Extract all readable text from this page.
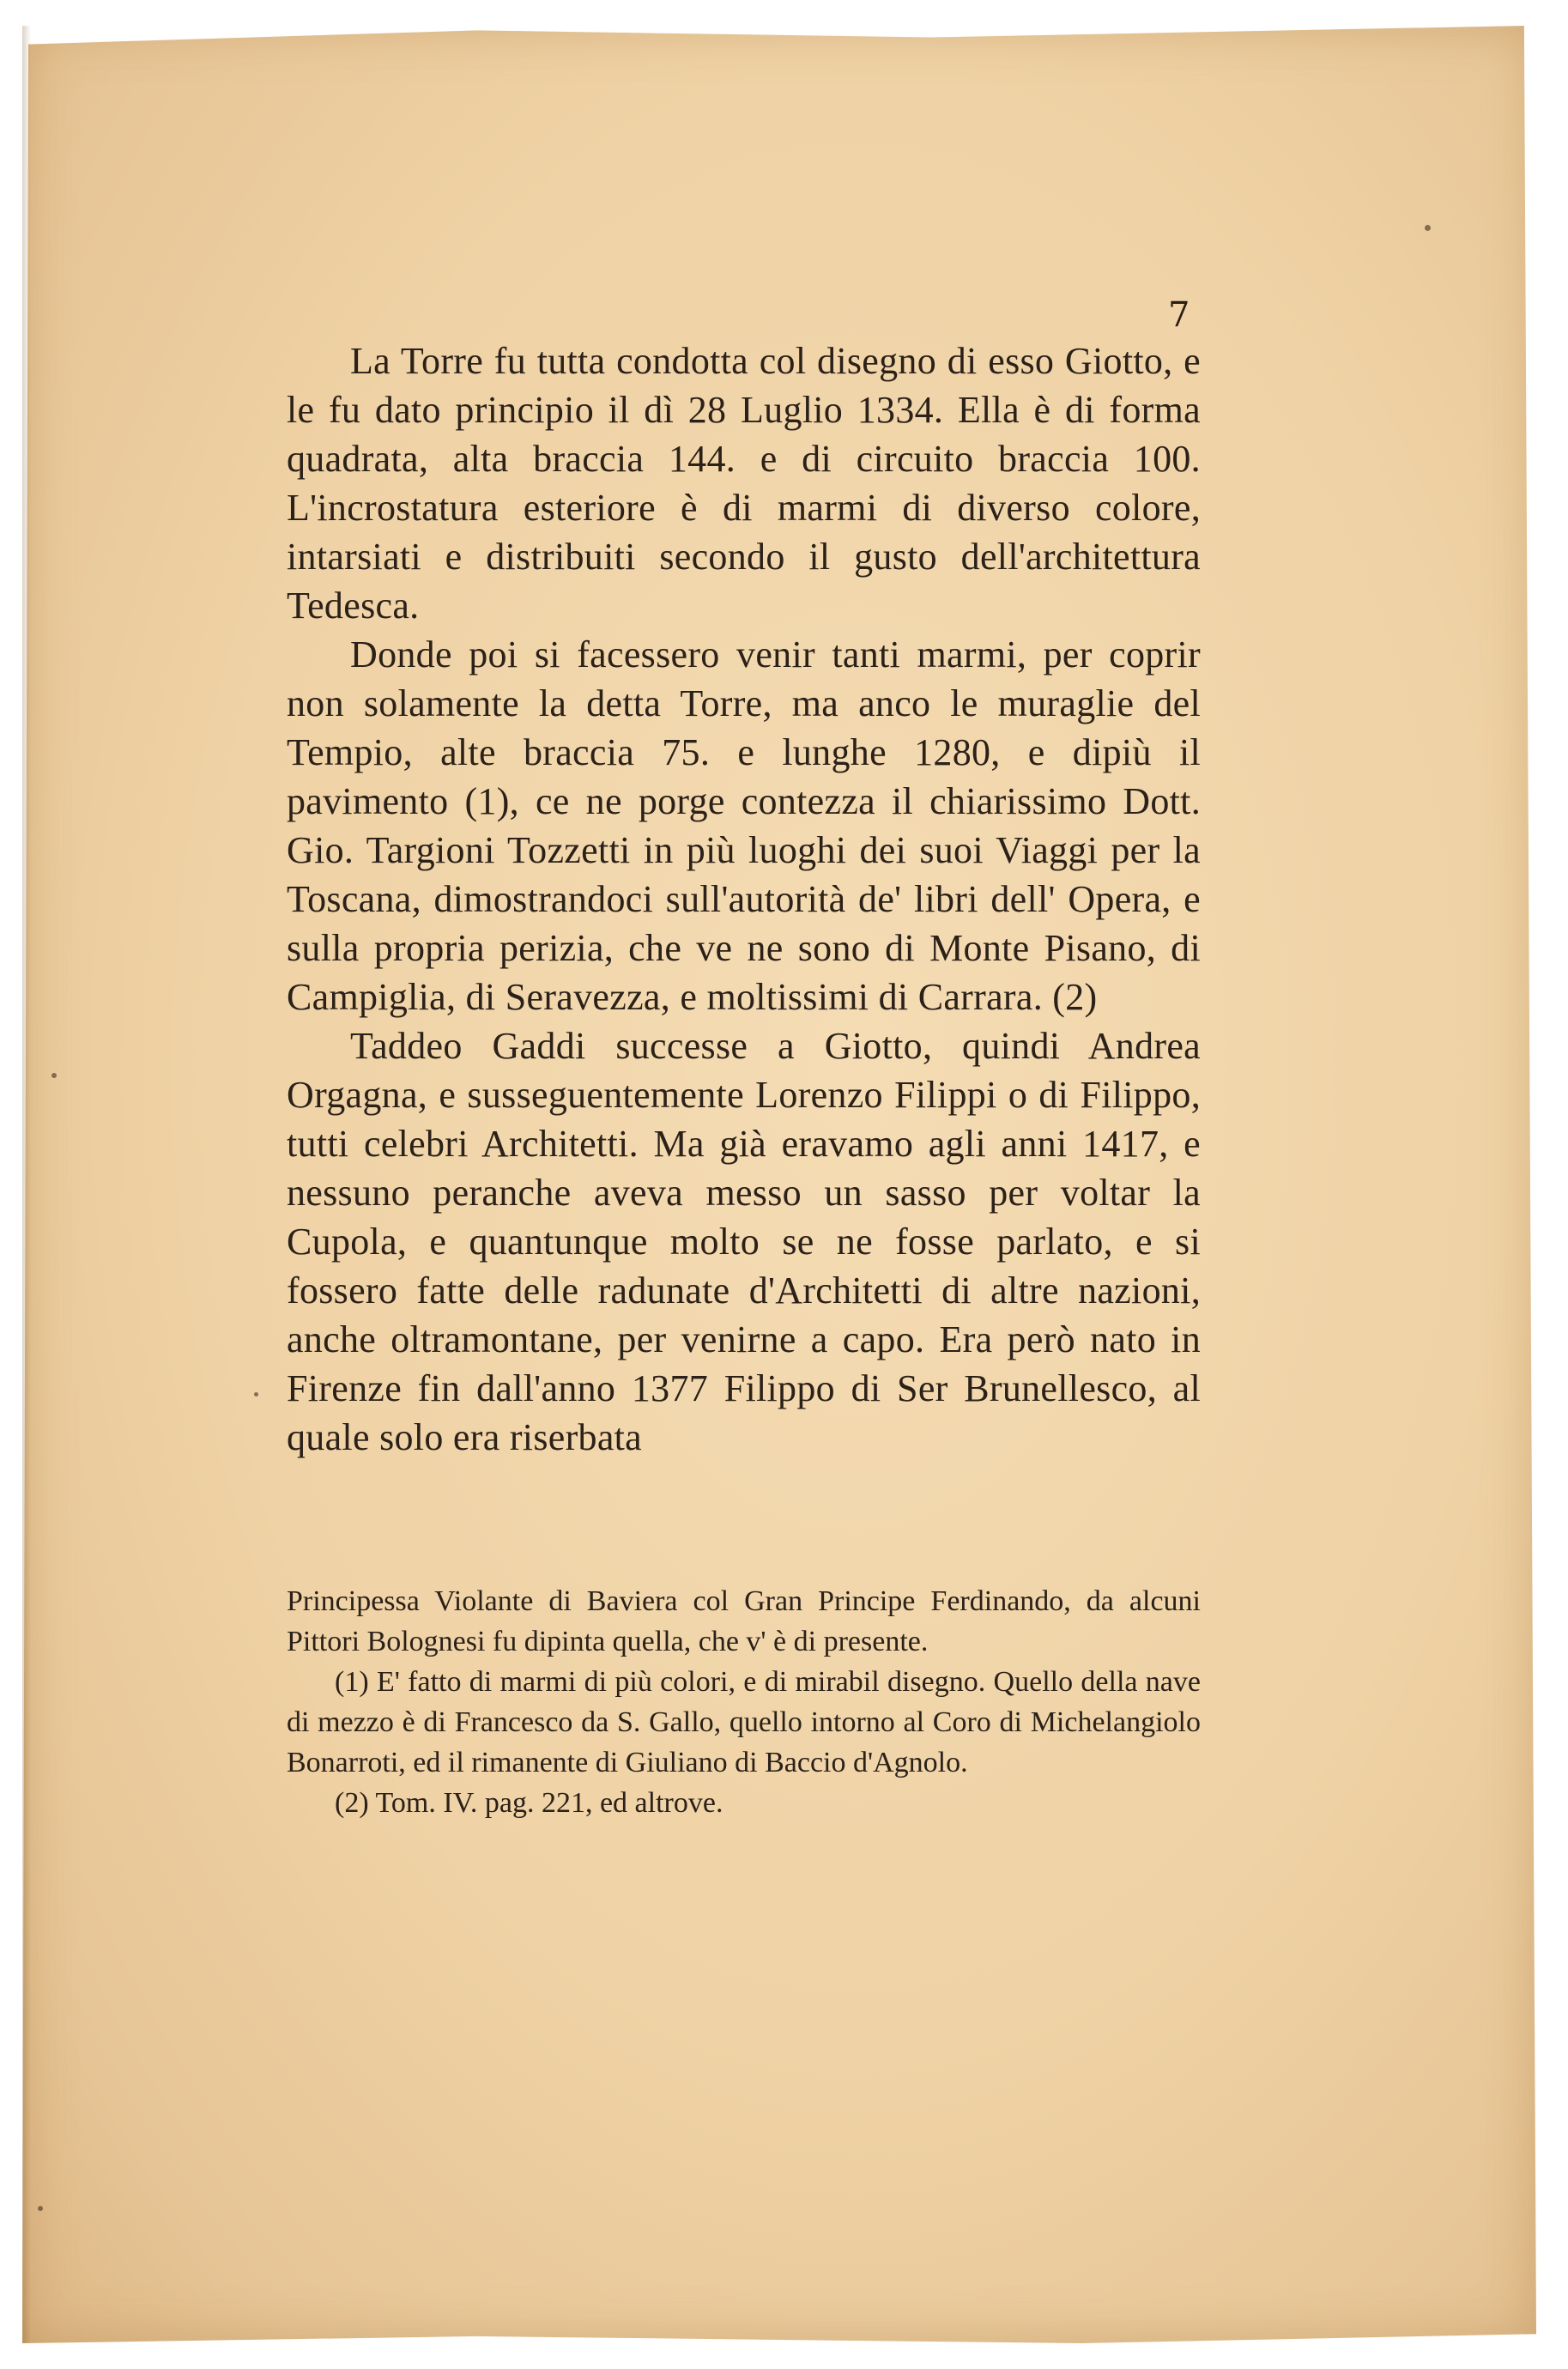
7

La Torre fu tutta condotta col disegno di esso Giotto, e le fu dato principio il dì 28 Luglio 1334. Ella è di forma quadrata, alta braccia 144. e di circuito braccia 100. L'incrostatura esteriore è di marmi di diverso colore, intarsiati e distribuiti secondo il gusto dell'architettura Tedesca.

Donde poi si facessero venir tanti marmi, per coprir non solamente la detta Torre, ma anco le muraglie del Tempio, alte braccia 75. e lunghe 1280, e dipiù il pavimento (1), ce ne porge contezza il chiarissimo Dott. Gio. Targioni Tozzetti in più luoghi dei suoi Viaggi per la Toscana, dimostrandoci sull'autorità de' libri dell' Opera, e sulla propria perizia, che ve ne sono di Monte Pisano, di Campiglia, di Seravezza, e moltissimi di Carrara. (2)

Taddeo Gaddi successe a Giotto, quindi Andrea Orgagna, e susseguentemente Lorenzo Filippi o di Filippo, tutti celebri Architetti. Ma già eravamo agli anni 1417, e nessuno peranche aveva messo un sasso per voltar la Cupola, e quantunque molto se ne fosse parlato, e si fossero fatte delle radunate d'Architetti di altre nazioni, anche oltramontane, per venirne a capo. Era però nato in Firenze fin dall'anno 1377 Filippo di Ser Brunellesco, al quale solo era riserbata

Principessa Violante di Baviera col Gran Principe Ferdinando, da alcuni Pittori Bolognesi fu dipinta quella, che v' è di presente.

(1) E' fatto di marmi di più colori, e di mirabil disegno. Quello della nave di mezzo è di Francesco da S. Gallo, quello intorno al Coro di Michelangiolo Bonarroti, ed il rimanente di Giuliano di Baccio d'Agnolo.

(2) Tom. IV. pag. 221, ed altrove.
